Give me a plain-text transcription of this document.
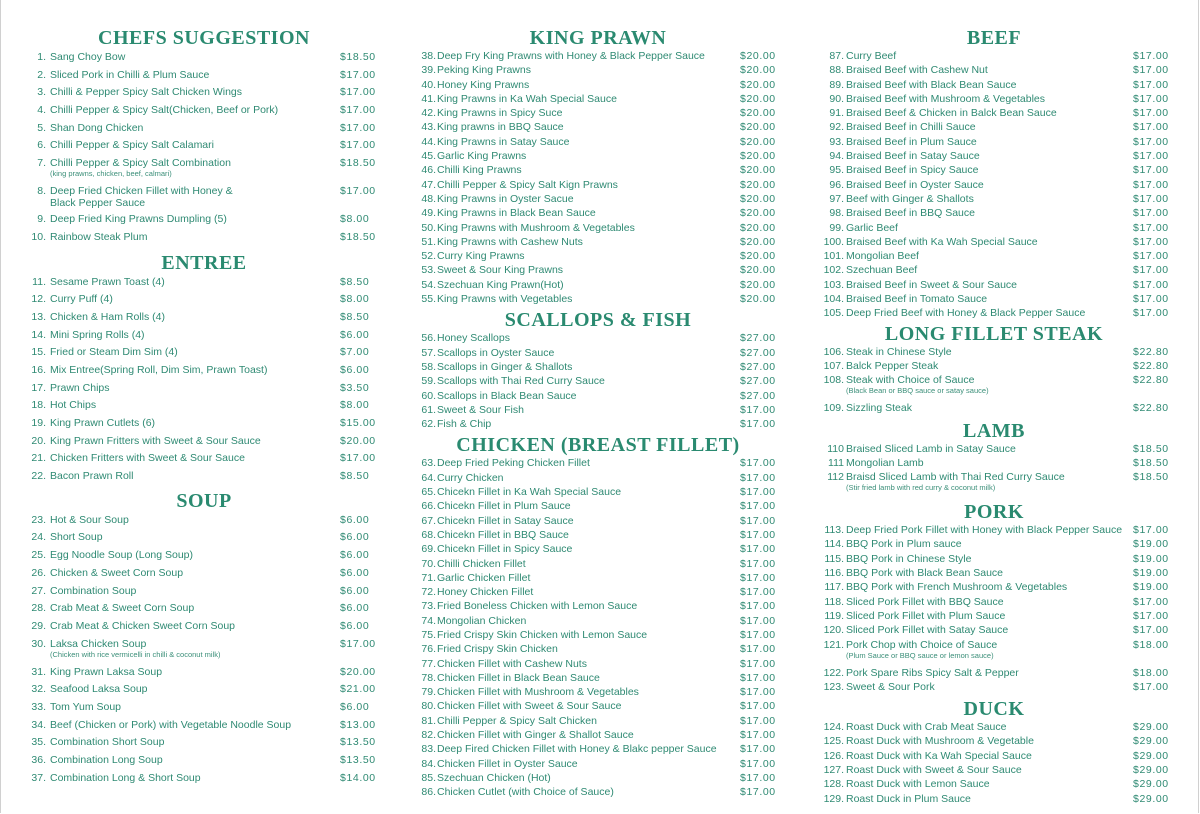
CHEFS SUGGESTION
1. Sang Choy Bow	$18.50
2. Sliced Pork in Chilli & Plum Sauce	$17.00
3. Chilli & Pepper Spicy Salt Chicken Wings	$17.00
4. Chilli Pepper & Spicy Salt(Chicken, Beef or Pork)	$17.00
5. Shan Dong Chicken	$17.00
6. Chilli Pepper & Spicy Salt Calamari	$17.00
7. Chilli Pepper & Spicy Salt Combination
(king prawns, chicken, beef, calmari)
$18.50
8. Deep Fried Chicken Fillet with Honey &
Black Pepper Sauce
$17.00
9. Deep Fried King Prawns Dumpling (5)	$8.00
10. Rainbow Steak Plum	$18.50
ENTREE
11. Sesame Prawn Toast (4)	$8.50
12. Curry Puff (4)	$8.00
13. Chicken & Ham Rolls (4)	$8.50
14. Mini Spring Rolls (4)	$6.00
15. Fried or Steam Dim Sim (4)	$7.00
16. Mix Entree(Spring Roll, Dim Sim, Prawn Toast)	$6.00
17. Prawn Chips	$3.50
18. Hot Chips	$8.00
19. King Prawn Cutlets (6)	$15.00
20. King Prawn Fritters with Sweet & Sour Sauce	$20.00
21. Chicken Fritters with Sweet & Sour Sauce	$17.00
22. Bacon Prawn Roll	$8.50
SOUP
23. Hot & Sour Soup	$6.00
24. Short Soup	$6.00
25. Egg Noodle Soup (Long Soup)	$6.00
26. Chicken & Sweet Corn Soup	$6.00
27. Combination Soup	$6.00
28. Crab Meat & Sweet Corn Soup	$6.00
29. Crab Meat & Chicken Sweet Corn Soup	$6.00
30. Laksa Chicken Soup
(Chicken with rice vermicelli in chilli & coconut milk)
$17.00
31. King Prawn Laksa Soup	$20.00
32. Seafood Laksa Soup	$21.00
33. Tom Yum Soup	$6.00
34. Beef (Chicken or Pork) with Vegetable Noodle Soup	$13.00
35. Combination Short Soup	$13.50
36. Combination Long Soup	$13.50
37. Combination Long & Short Soup	$14.00
KING PRAWN
38. Deep Fry King Prawns with Honey & Black Pepper Sauce	$20.00
39. Peking King Prawns	$20.00
40. Honey King Prawns	$20.00
41. King Prawns in Ka Wah Special Sauce	$20.00
42. King Prawns in Spicy Suce	$20.00
43. King prawns in BBQ Sauce	$20.00
44. King Prawns in Satay Sauce	$20.00
45. Garlic King Prawns	$20.00
46. Chilli King Prawns	$20.00
47. Chilli Pepper & Spicy Salt Kign Prawns	$20.00
48. King Prawns in Oyster Sacue	$20.00
49. King Prawns in Black Bean Sauce	$20.00
50. King Prawns with Mushroom & Vegetables	$20.00
51. King Prawns with Cashew Nuts	$20.00
52. Curry King Prawns	$20.00
53. Sweet & Sour King Prawns	$20.00
54. Szechuan King Prawn(Hot)	$20.00
55. King Prawns with Vegetables	$20.00
SCALLOPS & FISH
56. Honey Scallops	$27.00
57. Scallops in Oyster Sauce	$27.00
58. Scallops in Ginger & Shallots	$27.00
59. Scallops with Thai Red Curry Sauce	$27.00
60. Scallops in Black Bean Sauce	$27.00
61. Sweet & Sour Fish	$17.00
62. Fish & Chip	$17.00
CHICKEN (BREAST FILLET)
63. Deep Fried Peking Chicken Fillet	$17.00
64. Curry Chicken	$17.00
65. Chicekn Fillet in Ka Wah Special Sauce	$17.00
66. Chicekn Fillet in Plum Sauce	$17.00
67. Chicekn Fillet in Satay Sauce	$17.00
68. Chicekn Fillet in BBQ Sauce	$17.00
69. Chicekn Fillet in Spicy Sauce	$17.00
70. Chilli Chicken Fillet	$17.00
71. Garlic Chicken Fillet	$17.00
72. Honey Chicken Fillet	$17.00
73. Fried Boneless Chicken with Lemon Sauce	$17.00
74. Mongolian Chicken	$17.00
75. Fried Crispy Skin Chicken with Lemon Sauce	$17.00
76. Fried Crispy Skin Chicken	$17.00
77. Chicken Fillet with Cashew Nuts	$17.00
78. Chicken Fillet in Black Bean Sauce	$17.00
79. Chicken Fillet with Mushroom & Vegetables	$17.00
80. Chicken Fillet with Sweet & Sour Sauce	$17.00
81. Chilli Pepper & Spicy Salt Chicken	$17.00
82. Chicken Fillet with Ginger & Shallot Sauce	$17.00
83. Deep Fired Chicken Fillet with Honey & Blakc pepper Sauce	$17.00
84. Chicken Fillet in Oyster Sauce	$17.00
85. Szechuan Chicken (Hot)	$17.00
86. Chicken Cutlet (with Choice of Sauce)	$17.00
BEEF
87. Curry Beef	$17.00
88. Braised Beef with Cashew Nut	$17.00
89. Braised Beef with Black Bean Sauce	$17.00
90. Braised Beef with Mushroom & Vegetables	$17.00
91. Braised Beef & Chicken in Balck Bean Sauce	$17.00
92. Braised Beef in Chilli Sauce	$17.00
93. Braised Beef in Plum Sauce	$17.00
94. Braised Beef in Satay Sauce	$17.00
95. Braised Beef in Spicy Sauce	$17.00
96. Braised Beef in Oyster Sauce	$17.00
97. Beef with Ginger & Shallots	$17.00
98. Braised Beef in BBQ Sauce	$17.00
99. Garlic Beef	$17.00
100. Braised Beef with Ka Wah Special Sauce	$17.00
101. Mongolian Beef	$17.00
102. Szechuan Beef	$17.00
103. Braised Beef in Sweet & Sour Sauce	$17.00
104. Braised Beef in Tomato Sauce	$17.00
105. Deep Fried Beef with Honey & Black Pepper Sauce	$17.00
LONG FILLET STEAK
106. Steak in Chinese Style	$22.80
107. Balck Pepper Steak	$22.80
108. Steak with Choice of Sauce
(Black Bean or BBQ sauce or satay sauce)
$22.80
109. Sizzling Steak	$22.80
LAMB
110 Braised Sliced Lamb in Satay Sauce	$18.50
111 Mongolian Lamb	$18.50
112 Braisd Sliced Lamb with Thai Red Curry Sauce
(Stir fried lamb with red curry & coconut milk)
$18.50
PORK
113. Deep Fried Pork Fillet with Honey with Black Pepper Sauce	$17.00
114. BBQ Pork in Plum sauce	$19.00
115. BBQ Pork in Chinese Style	$19.00
116. BBQ Pork with Black Bean Sauce	$19.00
117. BBQ Pork with French Mushroom & Vegetables	$19.00
118. Sliced Pork Fillet with BBQ Sauce	$17.00
119. Sliced Pork Fillet with Plum Sauce	$17.00
120. Sliced Pork Fillet with Satay Sauce	$17.00
121. Pork Chop with Choice of Sauce
(Plum Sauce or BBQ sauce or lemon sauce)
$18.00
122. Pork Spare Ribs Spicy Salt & Pepper	$18.00
123. Sweet & Sour Pork	$17.00
DUCK
124. Roast Duck with Crab Meat Sauce	$29.00
125. Roast Duck with Mushroom & Vegetable	$29.00
126. Roast Duck with Ka Wah Special Sauce	$29.00
127. Roast Duck with Sweet & Sour Sauce	$29.00
128. Roast Duck with Lemon Sauce	$29.00
129. Roast Duck in Plum Sauce	$29.00
